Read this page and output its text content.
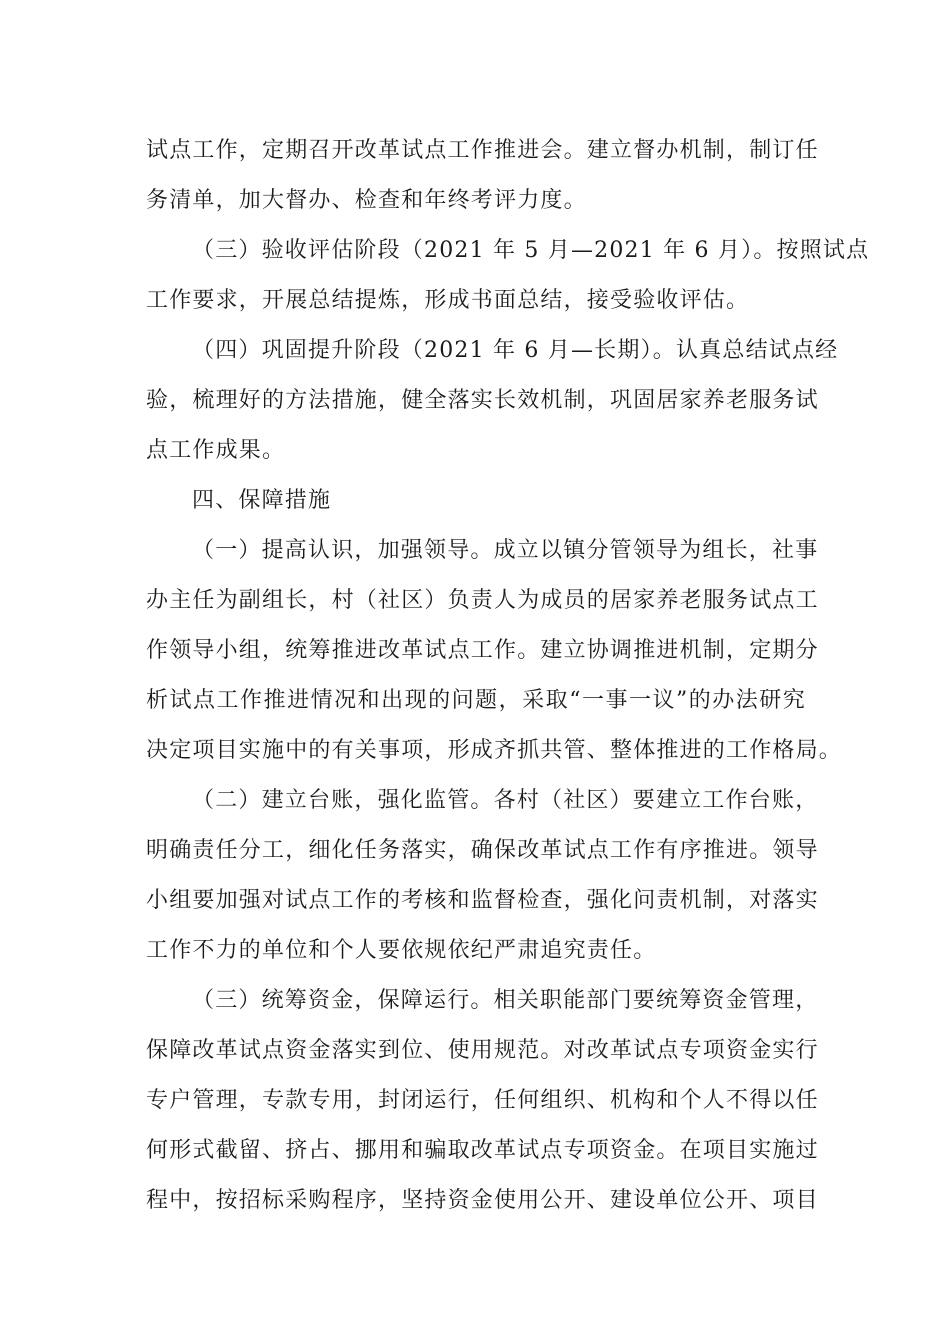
试点工作，定期召开改革试点工作推进会。建立督办机制，制订任
务清单，加大督办、检查和年终考评力度。
（三）验收评估阶段（2021 年 5 月—2021 年 6 月）。按照试点
工作要求，开展总结提炼，形成书面总结，接受验收评估。
（四）巩固提升阶段（2021 年 6 月—长期）。认真总结试点经
验，梳理好的方法措施，健全落实长效机制，巩固居家养老服务试
点工作成果。
四、保障措施
（一）提高认识，加强领导。成立以镇分管领导为组长，社事
办主任为副组长，村（社区）负责人为成员的居家养老服务试点工
作领导小组，统筹推进改革试点工作。建立协调推进机制，定期分
析试点工作推进情况和出现的问题，采取“一事一议”的办法研究
决定项目实施中的有关事项，形成齐抓共管、整体推进的工作格局。
（二）建立台账，强化监管。各村（社区）要建立工作台账，
明确责任分工，细化任务落实，确保改革试点工作有序推进。领导
小组要加强对试点工作的考核和监督检查，强化问责机制，对落实
工作不力的单位和个人要依规依纪严肃追究责任。
（三）统筹资金，保障运行。相关职能部门要统筹资金管理，
保障改革试点资金落实到位、使用规范。对改革试点专项资金实行
专户管理，专款专用，封闭运行，任何组织、机构和个人不得以任
何形式截留、挤占、挪用和骗取改革试点专项资金。在项目实施过
程中，按招标采购程序，坚持资金使用公开、建设单位公开、项目
